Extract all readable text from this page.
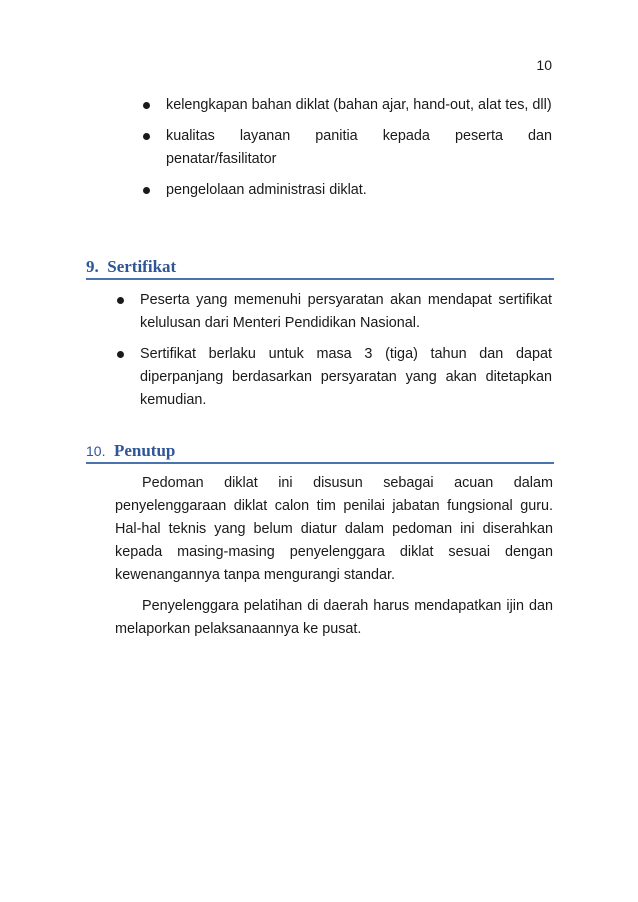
10
kelengkapan bahan diklat (bahan ajar, hand-out, alat tes, dll)
kualitas layanan panitia kepada peserta dan penatar/fasilitator
pengelolaan administrasi diklat.
9. Sertifikat
Peserta yang memenuhi persyaratan akan mendapat sertifikat kelulusan dari Menteri Pendidikan Nasional.
Sertifikat berlaku untuk masa 3 (tiga) tahun dan dapat diperpanjang berdasarkan persyaratan yang akan ditetapkan kemudian.
10. Penutup

Pedoman diklat ini disusun sebagai acuan dalam penyelenggaraan diklat calon tim penilai jabatan fungsional guru. Hal-hal teknis yang belum diatur dalam pedoman ini diserahkan kepada masing-masing penyelenggara diklat sesuai dengan kewenangannya tanpa mengurangi standar.

Penyelenggara pelatihan di daerah harus mendapatkan ijin dan melaporkan pelaksanaannya ke pusat.
